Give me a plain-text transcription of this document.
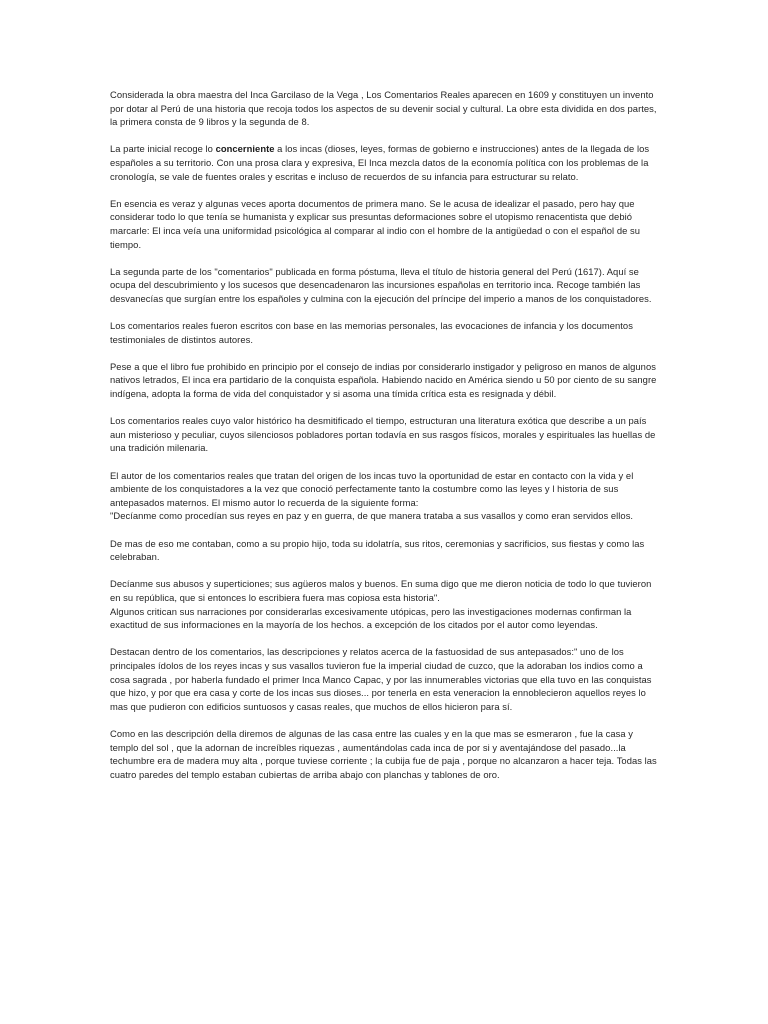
Considerada la obra maestra del Inca Garcilaso de la Vega , Los Comentarios Reales aparecen en 1609 y constituyen un invento por dotar al Perú de una historia que recoja todos los aspectos de su devenir social y cultural. La obre esta dividida en dos partes, la primera consta de 9 libros y la segunda de 8.

La parte inicial recoge lo concerniente a los incas (dioses, leyes, formas de gobierno e instrucciones) antes de la llegada de los españoles a su territorio. Con una prosa clara y expresiva, El Inca mezcla datos de la economía política con los problemas de la cronología, se vale de fuentes orales y escritas e incluso de recuerdos de su infancia para estructurar su relato.

En esencia es veraz y algunas veces aporta documentos de primera mano. Se le acusa de idealizar el pasado, pero hay que considerar todo lo que tenía se humanista y explicar sus presuntas deformaciones sobre el utopismo renacentista que debió marcarle: El inca veía una uniformidad psicológica al comparar al indio con el hombre de la antigüedad o con el español de su tiempo.

La segunda parte de los "comentarios" publicada en forma póstuma, lleva el título de historia general del Perú (1617). Aquí se ocupa del descubrimiento y los sucesos que desencadenaron las incursiones españolas en territorio inca. Recoge también las desvanecías que surgían entre los españoles y culmina con la ejecución del príncipe del imperio a manos de los conquistadores.

Los comentarios reales fueron escritos con base en las memorias personales, las evocaciones de infancia y los documentos testimoniales de distintos autores.

Pese a que el libro fue prohibido en principio por el consejo de indias por considerarlo instigador y peligroso en manos de algunos nativos letrados, El inca era partidario de la conquista española. Habiendo nacido en América siendo u 50 por ciento de su sangre indígena, adopta la forma de vida del conquistador y si asoma una tímida crítica esta es resignada y débil.

Los comentarios reales cuyo valor histórico ha desmitificado el tiempo, estructuran una literatura exótica que describe a un país aun misterioso y peculiar, cuyos silenciosos pobladores portan todavía en sus rasgos físicos, morales y espirituales las huellas de una tradición milenaria.

El autor de los comentarios reales que tratan del origen de los incas tuvo la oportunidad de estar en contacto con la vida y el ambiente de los conquistadores a la vez que conoció perfectamente tanto la costumbre como las leyes y l historia de sus antepasados maternos. El mismo autor lo recuerda de la siguiente forma:
"Decíanme como procedían sus reyes en paz y en guerra, de que manera trataba a sus vasallos y como eran servidos ellos.

De mas de eso me contaban, como a su propio hijo, toda su idolatría, sus ritos, ceremonias y sacrificios, sus fiestas y como las celebraban.

Decíanme sus abusos y superticiones; sus agüeros malos y buenos. En suma digo que me dieron noticia de todo lo que tuvieron en su república, que si entonces lo escribiera fuera mas copiosa esta historia".
Algunos critican sus narraciones por considerarlas excesivamente utópicas, pero las investigaciones modernas confirman la exactitud de sus informaciones en la mayoría de los hechos. a excepción de los citados por el autor como leyendas.

Destacan dentro de los comentarios, las descripciones y relatos acerca de la fastuosidad de sus antepasados:" uno de los principales ídolos de los reyes incas y sus vasallos tuvieron fue la imperial ciudad de cuzco, que la adoraban los indios como a cosa sagrada , por haberla fundado el primer Inca Manco Capac, y por las innumerables victorias que ella tuvo en las conquistas que hizo, y por que era casa y corte de los incas sus dioses... por tenerla en esta veneracion la ennoblecieron aquellos reyes lo mas que pudieron con edificios suntuosos y casas reales, que muchos de ellos hicieron para sí.

Como en las descripción della diremos de algunas de las casa entre las cuales y en la que mas se esmeraron , fue la casa y templo del sol , que la adornan de increíbles riquezas , aumentándolas cada inca de por si y aventajándose del pasado...la techumbre era de madera muy alta , porque tuviese corriente ; la cubija fue de paja , porque no alcanzaron a hacer teja. Todas las cuatro paredes del templo estaban cubiertas de arriba abajo con planchas y tablones de oro.
